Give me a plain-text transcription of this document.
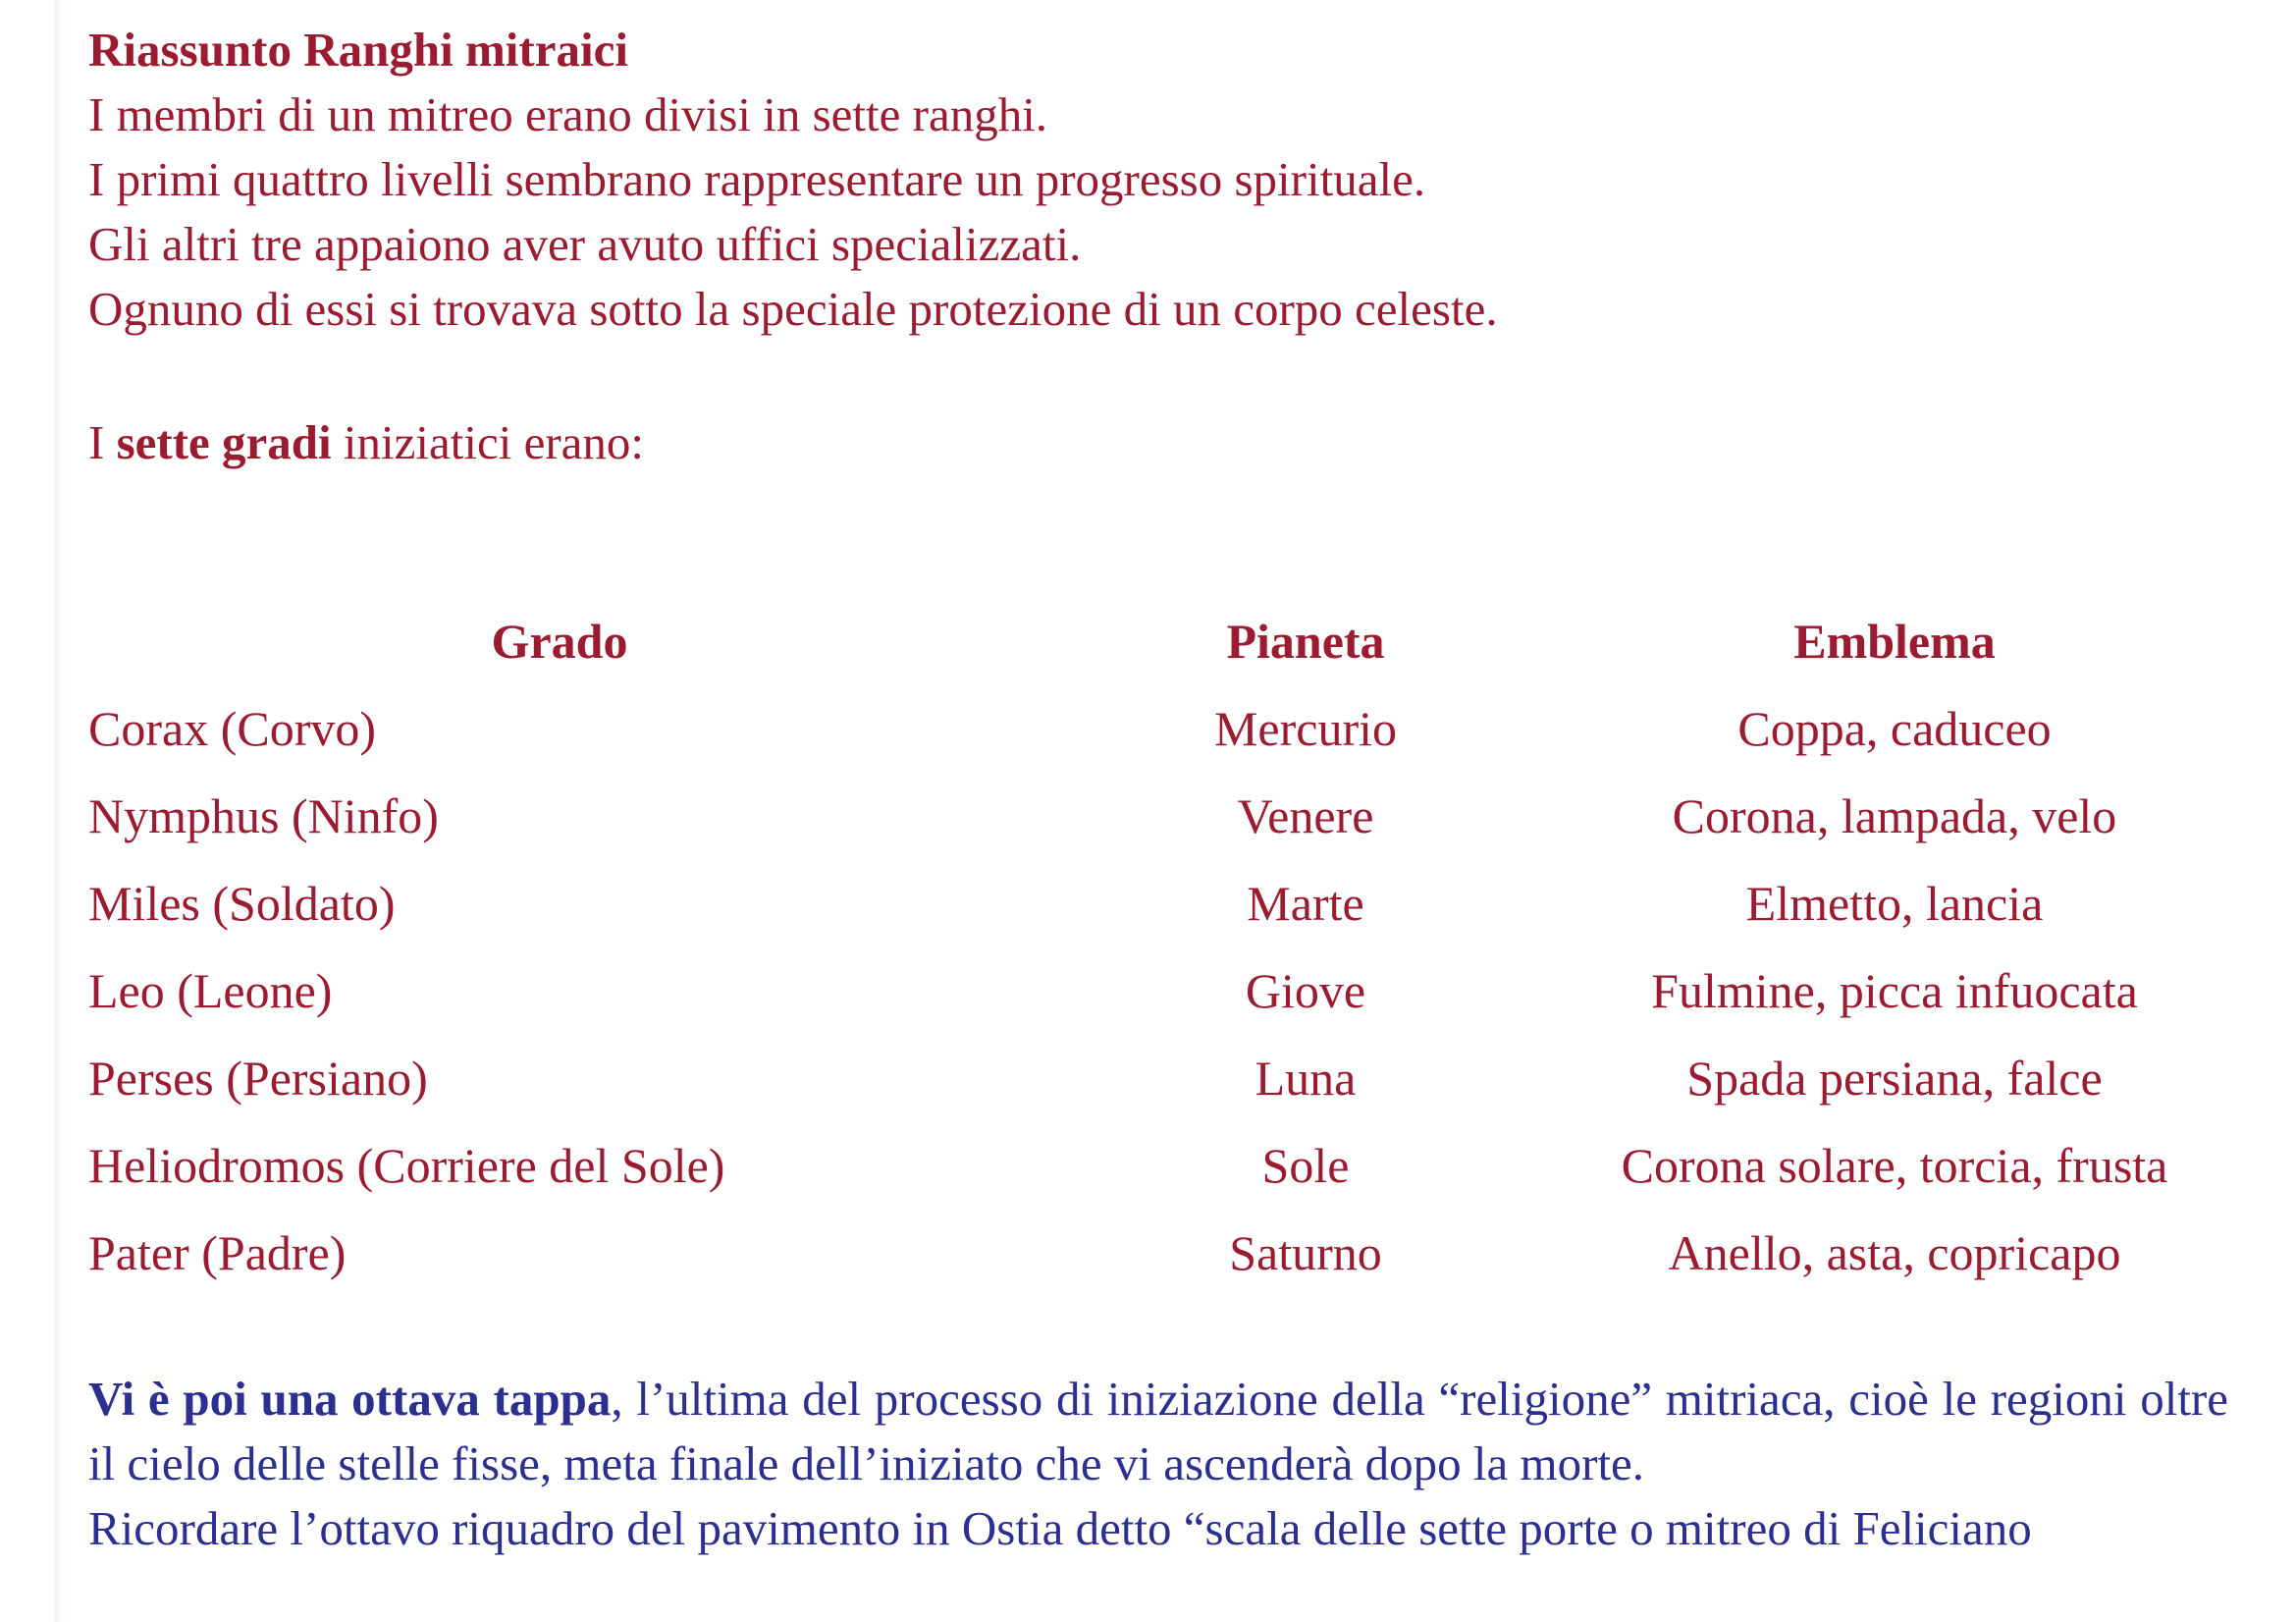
Riassunto Ranghi mitraici
I membri di un mitreo erano divisi in sette ranghi.
I primi quattro livelli sembrano rappresentare un progresso spirituale.
Gli altri tre appaiono aver avuto uffici specializzati.
Ognuno di essi si trovava sotto la speciale protezione di un corpo celeste.
I sette gradi iniziatici erano:
Grado	Pianeta	Emblema
Corax (Corvo)	Mercurio	Coppa, caduceo
Nymphus (Ninfo)	Venere	Corona, lampada, velo
Miles (Soldato)	Marte	Elmetto, lancia
Leo (Leone)	Giove	Fulmine, picca infuocata
Perses (Persiano)	Luna	Spada persiana, falce
Heliodromos (Corriere del Sole)	Sole	Corona solare, torcia, frusta
Pater (Padre)	Saturno	Anello, asta, copricapo
Vi è poi una ottava tappa, l’ultima del processo di iniziazione della “religione” mitriaca, cioè le regioni oltre il cielo delle stelle fisse, meta finale dell’iniziato che vi ascenderà dopo la morte.
Ricordare l’ottavo riquadro del pavimento in Ostia detto “scala delle sette porte o mitreo di Feliciano
